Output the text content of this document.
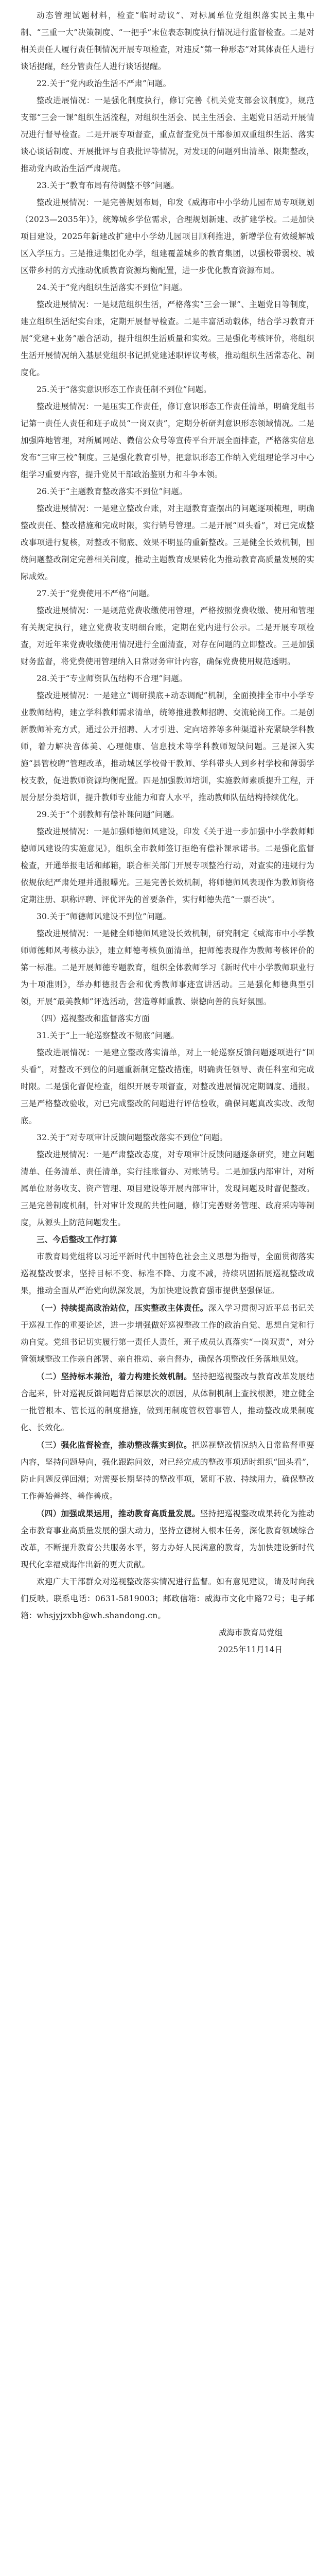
动态管理试题材料，检查“临时动议”、对标属单位党组织落实民主集中制、“三重一大”决策制度、“一把手”末位表态制度执行情况进行监督检查。二是对相关责任人履行责任制情况开展专项检查，对违反“第一种形态”对其体责任人进行谈话提醒，经分管责任人进行谈话提醒。

22.关于“党内政治生活不严肃”问题。

整改进展情况：一是强化制度执行，修订完善《机关党支部会议制度》，规范支部“三会一课”组织生活流程，对组织生活会、民主生活会、主题党日活动开展情况进行督导检查。二是开展专项督查，重点督查党员干部参加双重组织生活、落实谈心谈话制度、开展批评与自我批评等情况，对发现的问题列出清单、限期整改，推动党内政治生活严肃规范。

23.关于“教育布局有待调整不够”问题。

整改进展情况：一是完善规划布局，印发《威海市中小学幼儿园布局专项规划（2023—2035年）》，统筹城乡学位需求，合理规划新建、改扩建学校。二是加快项目建设，2025年新建改扩建中小学幼儿园项目顺利推进，新增学位有效缓解城区入学压力。三是推进集团化办学，组建覆盖城乡的教育集团，以强校带弱校、城区带乡村的方式推动优质教育资源均衡配置，进一步优化教育资源布局。

24.关于“党内组织生活落实不到位”问题。

整改进展情况：一是规范组织生活，严格落实“三会一课”、主题党日等制度，建立组织生活纪实台账，定期开展督导检查。二是丰富活动载体，结合学习教育开展“党建+业务”融合活动，提升组织生活质量和实效。三是强化考核评价，将组织生活开展情况纳入基层党组织书记抓党建述职评议考核，推动组织生活常态化、制度化。

25.关于“落实意识形态工作责任制不到位”问题。

整改进展情况：一是压实工作责任，修订意识形态工作责任清单，明确党组书记第一责任人责任和班子成员“一岗双责”，定期分析研判意识形态领域情况。二是加强阵地管理，对所属网站、微信公众号等宣传平台开展全面排查，严格落实信息发布“三审三校”制度。三是强化教育引导，把意识形态工作纳入党组理论学习中心组学习重要内容，提升党员干部政治鉴别力和斗争本领。

26.关于“主题教育整改落实不到位”问题。

整改进展情况：一是建立整改台账，对主题教育查摆出的问题逐项梳理，明确整改责任、整改措施和完成时限，实行销号管理。二是开展“回头看”，对已完成整改事项进行复核，对整改不彻底、效果不明显的重新整改。三是健全长效机制，围绕问题整改制定完善相关制度，推动主题教育成果转化为推动教育高质量发展的实际成效。

27.关于“党费使用不严格”问题。

整改进展情况：一是规范党费收缴使用管理，严格按照党费收缴、使用和管理有关规定执行，建立党费收支明细台账，定期在党内进行公示。二是开展专项检查，对近年来党费收缴使用情况进行全面清查，对存在问题的立即整改。三是加强财务监督，将党费使用管理纳入日常财务审计内容，确保党费使用规范透明。

28.关于“专业师资队伍结构不合理”问题。

整改进展情况：一是建立“调研摸底+动态调配”机制，全面摸排全市中小学专业教师结构，建立学科教师需求清单，统筹推进教师招聘、交流轮岗工作。二是创新教师补充方式，通过公开招聘、人才引进、定向培养等多种渠道补充紧缺学科教师，着力解决音体美、心理健康、信息技术等学科教师短缺问题。三是深入实施“县管校聘”管理改革，推动城区学校骨干教师、学科带头人到乡村学校和薄弱学校支教，促进教师资源均衡配置。四是加强教师培训，实施教师素质提升工程，开展分层分类培训，提升教师专业能力和育人水平，推动教师队伍结构持续优化。

29.关于“个别教师有偿补课问题”问题。

整改进展情况：一是加强师德师风建设，印发《关于进一步加强中小学教师师德师风建设的实施意见》，组织全市教师签订拒绝有偿补课承诺书。二是强化监督检查，开通举报电话和邮箱，联合相关部门开展专项整治行动，对查实的违规行为依规依纪严肃处理并通报曝光。三是完善长效机制，将师德师风表现作为教师资格定期注册、职称评聘、评优评先的首要条件，实行师德失范“一票否决”。

30.关于“师德师风建设不到位”问题。

整改进展情况：一是健全师德师风建设长效机制，研究制定《威海市中小学教师师德师风考核办法》，建立师德考核负面清单，把师德表现作为教师考核评价的第一标准。二是开展师德专题教育，组织全体教师学习《新时代中小学教师职业行为十项准则》，举办师德报告会和优秀教师事迹宣讲活动。三是强化师德典型引领，开展“最美教师”评选活动，营造尊师重教、崇德向善的良好氛围。

（四）巡视整改和监督落实方面

31.关于“上一轮巡察整改不彻底”问题。

整改进展情况：一是建立整改落实清单，对上一轮巡察反馈问题逐项进行“回头看”，对整改不到位的问题重新制定整改措施，明确责任领导、责任科室和完成时限。二是强化督促检查，组织开展专项督查，对整改进展情况定期调度、通报。三是严格整改验收，对已完成整改的问题进行评估验收，确保问题真改实改、改彻底。

32.关于“对专项审计反馈问题整改落实不到位”问题。

整改进展情况：一是严肃整改态度，对专项审计反馈问题逐条研究，建立问题清单、任务清单、责任清单，实行挂账督办、对账销号。二是加强内部审计，对所属单位财务收支、资产管理、项目建设等开展内部审计，发现问题及时督促整改。三是完善制度机制，针对审计发现的共性问题，修订完善财务管理、政府采购等制度，从源头上防范问题发生。

三、今后整改工作打算

市教育局党组将以习近平新时代中国特色社会主义思想为指导，全面贯彻落实巡视整改要求，坚持目标不变、标准不降、力度不减，持续巩固拓展巡视整改成果，推动全面从严治党向纵深发展，为加快建设教育强市提供坚强保证。

（一）持续提高政治站位，压实整改主体责任。深入学习贯彻习近平总书记关于巡视工作的重要论述，进一步增强做好巡视整改工作的政治自觉、思想自觉和行动自觉。党组书记切实履行第一责任人责任，班子成员认真落实“一岗双责”，对分管领域整改工作亲自部署、亲自推动、亲自督办，确保各项整改任务落地见效。

（二）坚持标本兼治，着力构建长效机制。坚持把巡视整改与教育改革发展结合起来，针对巡视反馈问题背后深层次的原因，从体制机制上查找根源，建立健全一批管根本、管长远的制度措施，做到用制度管权管事管人，推动整改成果制度化、长效化。

（三）强化监督检查，推动整改落实到位。把巡视整改情况纳入日常监督重要内容，坚持问题导向，强化跟踪问效，对已经完成的整改事项适时组织“回头看”，防止问题反弹回潮；对需要长期坚持的整改事项，紧盯不放、持续用力，确保整改工作善始善终、善作善成。

（四）加强成果运用，推动教育高质量发展。坚持把巡视整改成果转化为推动全市教育事业高质量发展的强大动力，坚持立德树人根本任务，深化教育领域综合改革，不断提升教育公共服务水平，努力办好人民满意的教育，为加快建设新时代现代化幸福威海作出新的更大贡献。

欢迎广大干部群众对巡视整改落实情况进行监督。如有意见建议，请及时向我们反映。联系电话：0631-5819003；邮政信箱：威海市文化中路72号；电子邮箱：whsjyjzxbh@wh.shandong.cn。

威海市教育局党组

2025年11月14日
